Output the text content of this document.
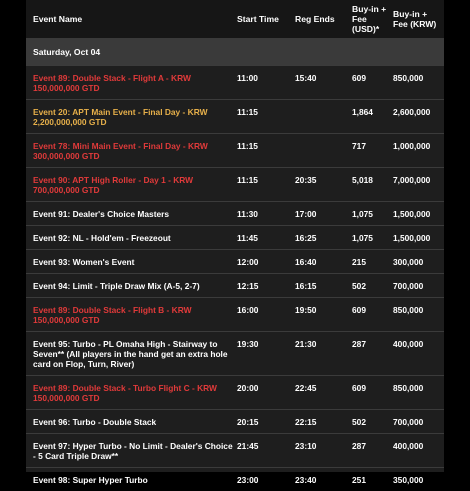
Event Name	Start Time	Reg Ends	Buy-in + Fee (USD)*	Buy-in + Fee (KRW)
Saturday, Oct 04				
Event 89: Double Stack - Flight A - KRW 150,000,000 GTD	11:00	15:40	609	850,000
Event 20: APT Main Event - Final Day - KRW 2,200,000,000 GTD	11:15		1,864	2,600,000
Event 78: Mini Main Event - Final Day - KRW 300,000,000 GTD	11:15		717	1,000,000
Event 90: APT High Roller - Day 1 - KRW 700,000,000 GTD	11:15	20:35	5,018	7,000,000
Event 91: Dealer's Choice Masters	11:30	17:00	1,075	1,500,000
Event 92: NL - Hold'em - Freezeout	11:45	16:25	1,075	1,500,000
Event 93: Women's Event	12:00	16:40	215	300,000
Event 94: Limit - Triple Draw Mix (A-5, 2-7)	12:15	16:15	502	700,000
Event 89: Double Stack - Flight B - KRW 150,000,000 GTD	16:00	19:50	609	850,000
Event 95: Turbo - PL Omaha High - Stairway to Seven** (All players in the hand get an extra hole card on Flop, Turn, River)	19:30	21:30	287	400,000
Event 89: Double Stack - Turbo Flight C - KRW 150,000,000 GTD	20:00	22:45	609	850,000
Event 96: Turbo - Double Stack	20:15	22:15	502	700,000
Event 97: Hyper Turbo - No Limit - Dealer's Choice - 5 Card Triple Draw**	21:45	23:10	287	400,000
Event 98: Super Hyper Turbo	23:00	23:40	251	350,000
